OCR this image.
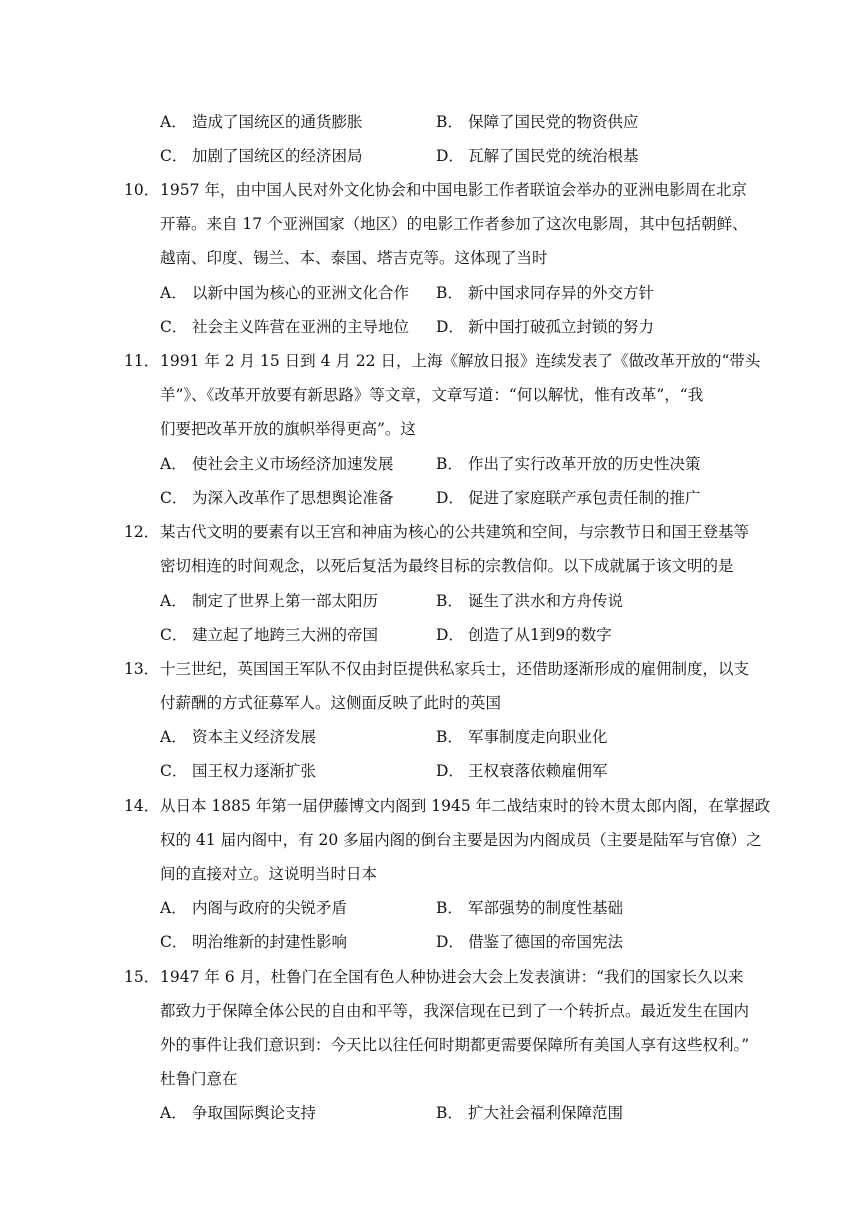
A． 造成了国统区的通货膨胀	B． 保障了国民党的物资供应
C． 加剧了国统区的经济困局	D． 瓦解了国民党的统治根基
10．1957 年，由中国人民对外文化协会和中国电影工作者联谊会举办的亚洲电影周在北京
开幕。来自 17 个亚洲国家（地区）的电影工作者参加了这次电影周，其中包括朝鲜、
越南、印度、锡兰、本、泰国、塔吉克等。这体现了当时
A． 以新中国为核心的亚洲文化合作 B． 新中国求同存异的外交方针
C． 社会主义阵营在亚洲的主导地位 D． 新中国打破孤立封锁的努力
11．1991 年 2 月 15 日到 4 月 22 日，上海《解放日报》连续发表了《做改革开放的“带头
羊”》、《改革开放要有新思路》等文章，文章写道：“何以解忧，惟有改革”，“我
们要把改革开放的旗帜举得更高”。这
A． 使社会主义市场经济加速发展	B． 作出了实行改革开放的历史性决策
C． 为深入改革作了思想舆论准备	D． 促进了家庭联产承包责任制的推广
12．某古代文明的要素有以王宫和神庙为核心的公共建筑和空间，与宗教节日和国王登基等
密切相连的时间观念，以死后复活为最终目标的宗教信仰。以下成就属于该文明的是
A． 制定了世界上第一部太阳历	B． 诞生了洪水和方舟传说
C． 建立起了地跨三大洲的帝国	D． 创造了从1到9的数字
13．十三世纪，英国国王军队不仅由封臣提供私家兵士，还借助逐渐形成的雇佣制度，以支
付薪酬的方式征募军人。这侧面反映了此时的英国
A． 资本主义经济发展	B． 军事制度走向职业化
C． 国王权力逐渐扩张	D． 王权衰落依赖雇佣军
14．从日本 1885 年第一届伊藤博文内阁到 1945 年二战结束时的铃木贯太郎内阁，在掌握政
权的 41 届内阁中，有 20 多届内阁的倒台主要是因为内阁成员（主要是陆军与官僚）之
间的直接对立。这说明当时日本
A． 内阁与政府的尖锐矛盾	B． 军部强势的制度性基础
C． 明治维新的封建性影响	D． 借鉴了德国的帝国宪法
15．1947 年 6 月，杜鲁门在全国有色人种协进会大会上发表演讲：“我们的国家长久以来
都致力于保障全体公民的自由和平等，我深信现在已到了一个转折点。最近发生在国内
外的事件让我们意识到：今天比以往任何时期都更需要保障所有美国人享有这些权利。”
杜鲁门意在
A． 争取国际舆论支持	B． 扩大社会福利保障范围
